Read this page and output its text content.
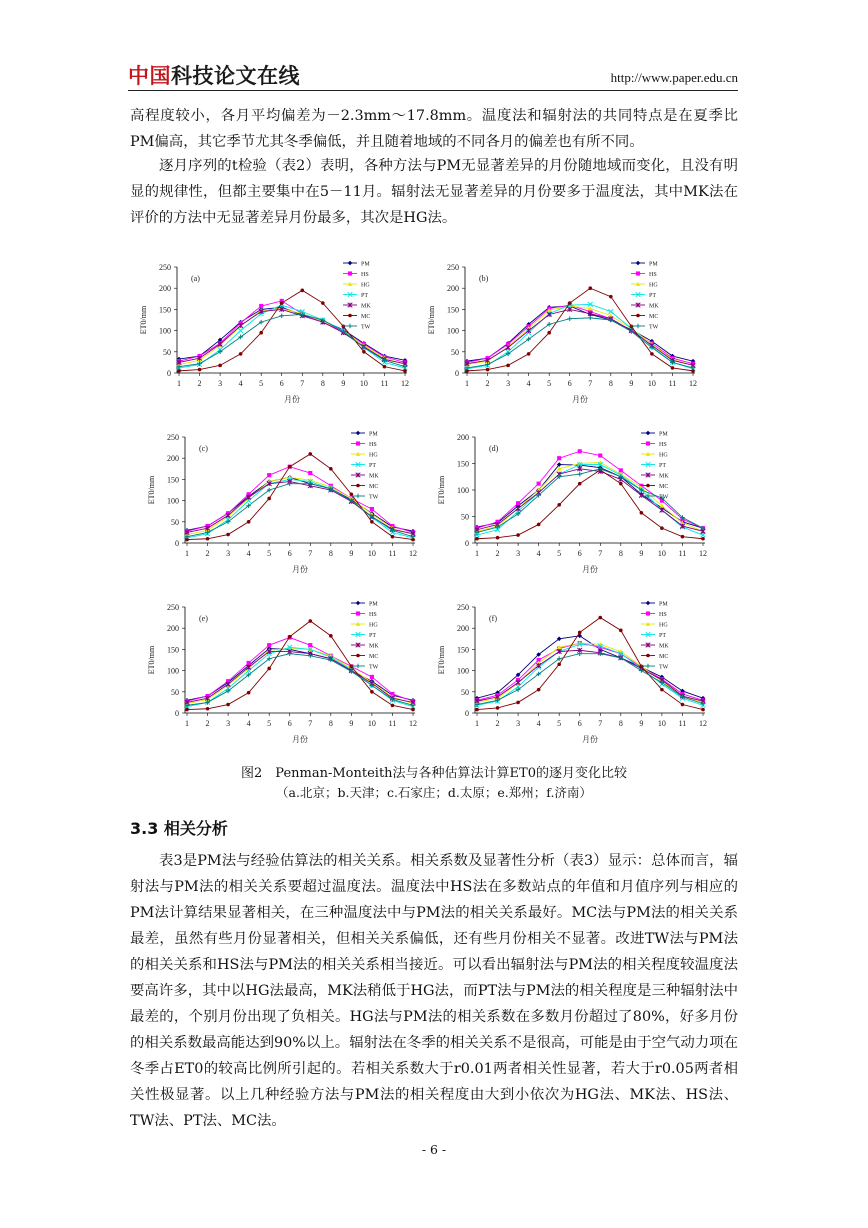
中国科技论文在线	http://www.paper.edu.cn
高程度较小，各月平均偏差为－2.3mm～17.8mm。温度法和辐射法的共同特点是在夏季比PM偏高，其它季节尤其冬季偏低，并且随着地域的不同各月的偏差也有所不同。
逐月序列的t检验（表2）表明，各种方法与PM无显著差异的月份随地域而变化，且没有明显的规律性，但都主要集中在5－11月。辐射法无显著差异的月份要多于温度法，其中MK法在评价的方法中无显著差异月份最多，其次是HG法。
0
50
100
150
200
250
1 2 3 4 5 6 7 8 9 10 11 12
月份
ET0/mm
(a)
PM
HS
HG
PT
MK
MC
TW
0
50
100
150
200
250
1 2 3 4 5 6 7 8 9 10 11 12
月份
ET0/mm
(b)
PM
HS
HG
PT
MK
MC
TW
0
50
100
150
200
250
1 2 3 4 5 6 7 8 9 10 11 12
月份
ET0/mm
(c)
PM
HS
HG
PT
MK
MC
TW
0
50
100
150
200
1 2 3 4 5 6 7 8 9 10 11 12
月份
ET0/mm
(d)
PM
HS
HG
PT
MK
MC
TW
0
50
100
150
200
250
1 2 3 4 5 6 7 8 9 10 11 12
月份
ET0/mm
(e)
PM
HS
HG
PT
MK
MC
TW
0
50
100
150
200
250
1 2 3 4 5 6 7 8 9 10 11 12
月份
ET0/mm
(f)
PM
HS
HG
PT
MK
MC
TW
图2　Penman-Monteith法与各种估算法计算ET0的逐月变化比较
（a.北京；b.天津；c.石家庄；d.太原；e.郑州；f.济南）
3.3 相关分析
表3是PM法与经验估算法的相关关系。相关系数及显著性分析（表3）显示：总体而言，辐射法与PM法的相关关系要超过温度法。温度法中HS法在多数站点的年值和月值序列与相应的PM法计算结果显著相关，在三种温度法中与PM法的相关关系最好。MC法与PM法的相关关系最差，虽然有些月份显著相关，但相关关系偏低，还有些月份相关不显著。改进TW法与PM法的相关关系和HS法与PM法的相关关系相当接近。可以看出辐射法与PM法的相关程度较温度法要高许多，其中以HG法最高，MK法稍低于HG法，而PT法与PM法的相关程度是三种辐射法中最差的，个别月份出现了负相关。HG法与PM法的相关系数在多数月份超过了80%，好多月份的相关系数最高能达到90%以上。辐射法在冬季的相关关系不是很高，可能是由于空气动力项在冬季占ET0的较高比例所引起的。若相关系数大于r0.01两者相关性显著，若大于r0.05两者相关性极显著。以上几种经验方法与PM法的相关程度由大到小依次为HG法、MK法、HS法、TW法、PT法、MC法。
- 6 -
